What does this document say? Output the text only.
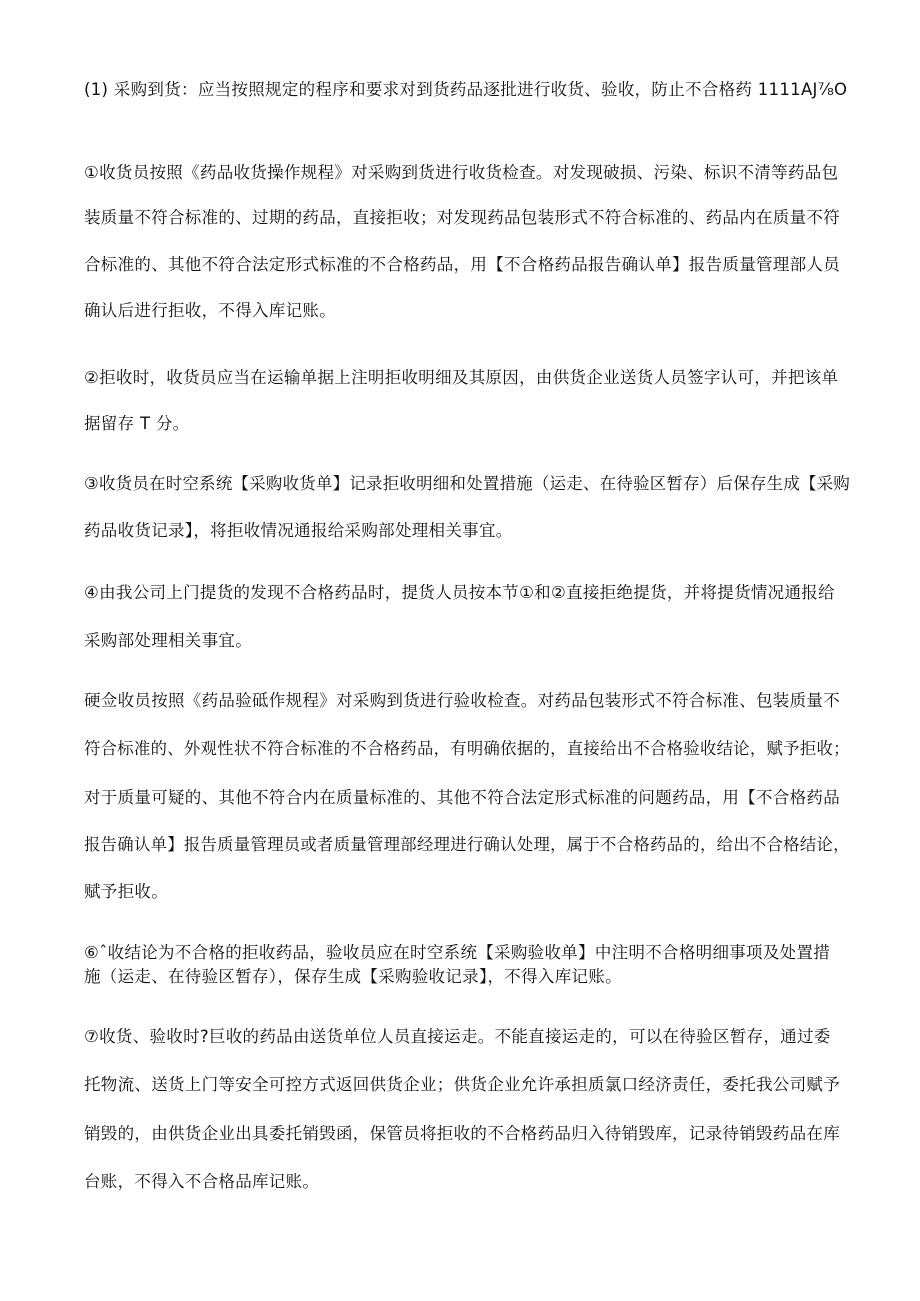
(1) 采购到货：应当按照规定的程序和要求对到货药品逐批进行收货、验收，防止不合格药 1111AJ⅞O
①收货员按照《药品收货操作规程》对采购到货进行收货检查。对发现破损、污染、标识不清等药品包
装质量不符合标准的、过期的药品，直接拒收；对发现药品包装形式不符合标准的、药品内在质量不符
合标准的、其他不符合法定形式标准的不合格药品，用【不合格药品报告确认单】报告质量管理部人员
确认后进行拒收，不得入库记账。
②拒收时，收货员应当在运输单据上注明拒收明细及其原因，由供货企业送货人员签字认可，并把该单
据留存 T 分。
③收货员在时空系统【采购收货单】记录拒收明细和处置措施（运走、在待验区暂存）后保存生成【采购
药品收货记录】，将拒收情况通报给采购部处理相关事宜。
④由我公司上门提货的发现不合格药品时，提货人员按本节①和②直接拒绝提货，并将提货情况通报给
采购部处理相关事宜。
硬佥收员按照《药品验砥作规程》对采购到货进行验收检查。对药品包装形式不符合标准、包装质量不
符合标准的、外观性状不符合标准的不合格药品，有明确依据的，直接给出不合格验收结论，赋予拒收；
对于质量可疑的、其他不符合内在质量标准的、其他不符合法定形式标准的问题药品，用【不合格药品
报告确认单】报告质量管理员或者质量管理部经理进行确认处理，属于不合格药品的，给出不合格结论，
赋予拒收。
⑥ˆ收结论为不合格的拒收药品，验收员应在时空系统【采购验收单】中注明不合格明细事项及处置措
施（运走、在待验区暂存），保存生成【采购验收记录】，不得入库记账。
⑦收货、验收时?巨收的药品由送货单位人员直接运走。不能直接运走的，可以在待验区暂存，通过委
托物流、送货上门等安全可控方式返回供货企业；供货企业允许承担质氯口经济责任，委托我公司赋予
销毁的，由供货企业出具委托销毁函，保管员将拒收的不合格药品归入待销毁库，记录待销毁药品在库
台账，不得入不合格品库记账。
